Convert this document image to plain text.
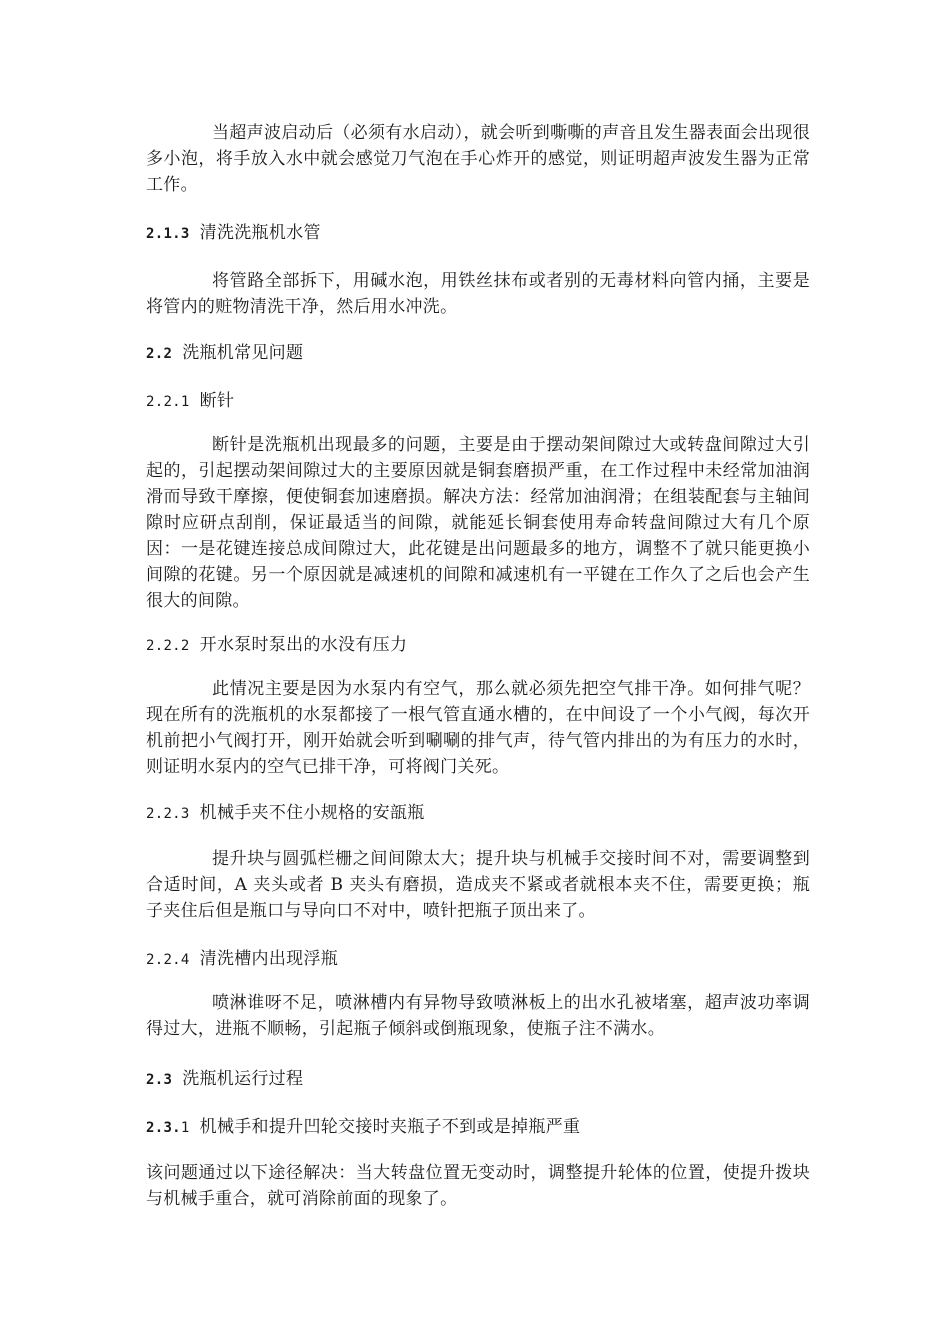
当超声波启动后（必须有水启动），就会听到嘶嘶的声音且发生器表面会出现很多小泡，将手放入水中就会感觉刀气泡在手心炸开的感觉，则证明超声波发生器为正常工作。

2.1.3 清洗洗瓶机水管

将管路全部拆下，用碱水泡，用铁丝抹布或者别的无毒材料向管内捅，主要是将管内的赃物清洗干净，然后用水冲洗。

2.2 洗瓶机常见问题

2.2.1 断针

断针是洗瓶机出现最多的问题，主要是由于摆动架间隙过大或转盘间隙过大引起的，引起摆动架间隙过大的主要原因就是铜套磨损严重，在工作过程中未经常加油润滑而导致干摩擦，便使铜套加速磨损。解决方法：经常加油润滑；在组装配套与主轴间隙时应研点刮削，保证最适当的间隙，就能延长铜套使用寿命转盘间隙过大有几个原因：一是花键连接总成间隙过大，此花键是出问题最多的地方，调整不了就只能更换小间隙的花键。另一个原因就是减速机的间隙和减速机有一平键在工作久了之后也会产生很大的间隙。

2.2.2 开水泵时泵出的水没有压力

此情况主要是因为水泵内有空气，那么就必须先把空气排干净。如何排气呢？现在所有的洗瓶机的水泵都接了一根气管直通水槽的，在中间设了一个小气阀，每次开机前把小气阀打开，刚开始就会听到唰唰的排气声，待气管内排出的为有压力的水时，则证明水泵内的空气已排干净，可将阀门关死。

2.2.3 机械手夹不住小规格的安瓿瓶

提升块与圆弧栏栅之间间隙太大；提升块与机械手交接时间不对，需要调整到合适时间，A 夹头或者 B 夹头有磨损，造成夹不紧或者就根本夹不住，需要更换；瓶子夹住后但是瓶口与导向口不对中，喷针把瓶子顶出来了。

2.2.4 清洗槽内出现浮瓶

喷淋谁呀不足，喷淋槽内有异物导致喷淋板上的出水孔被堵塞，超声波功率调得过大，进瓶不顺畅，引起瓶子倾斜或倒瓶现象，使瓶子注不满水。

2.3 洗瓶机运行过程

2.3.1 机械手和提升凹轮交接时夹瓶子不到或是掉瓶严重

该问题通过以下途径解决：当大转盘位置无变动时，调整提升轮体的位置，使提升拨块与机械手重合，就可消除前面的现象了。
